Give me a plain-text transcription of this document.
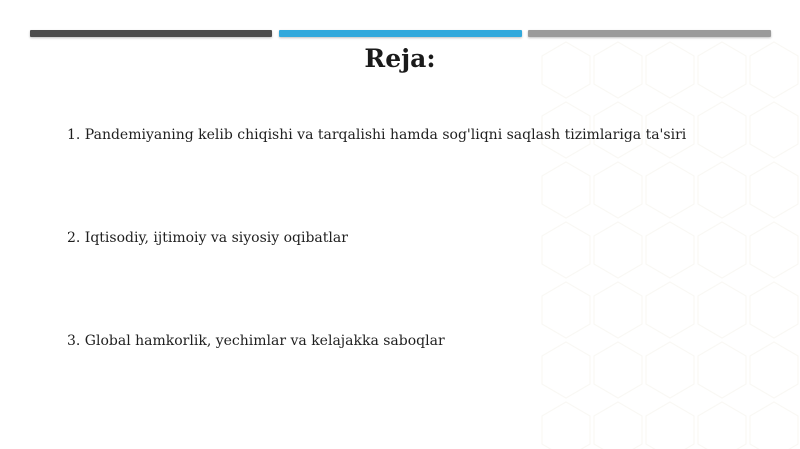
Reja:
1. Pandemiyaning kelib chiqishi va tarqalishi hamda sog'liqni saqlash tizimlariga ta'siri
2. Iqtisodiy, ijtimoiy va siyosiy oqibatlar
3. Global hamkorlik, yechimlar va kelajakka saboqlar
